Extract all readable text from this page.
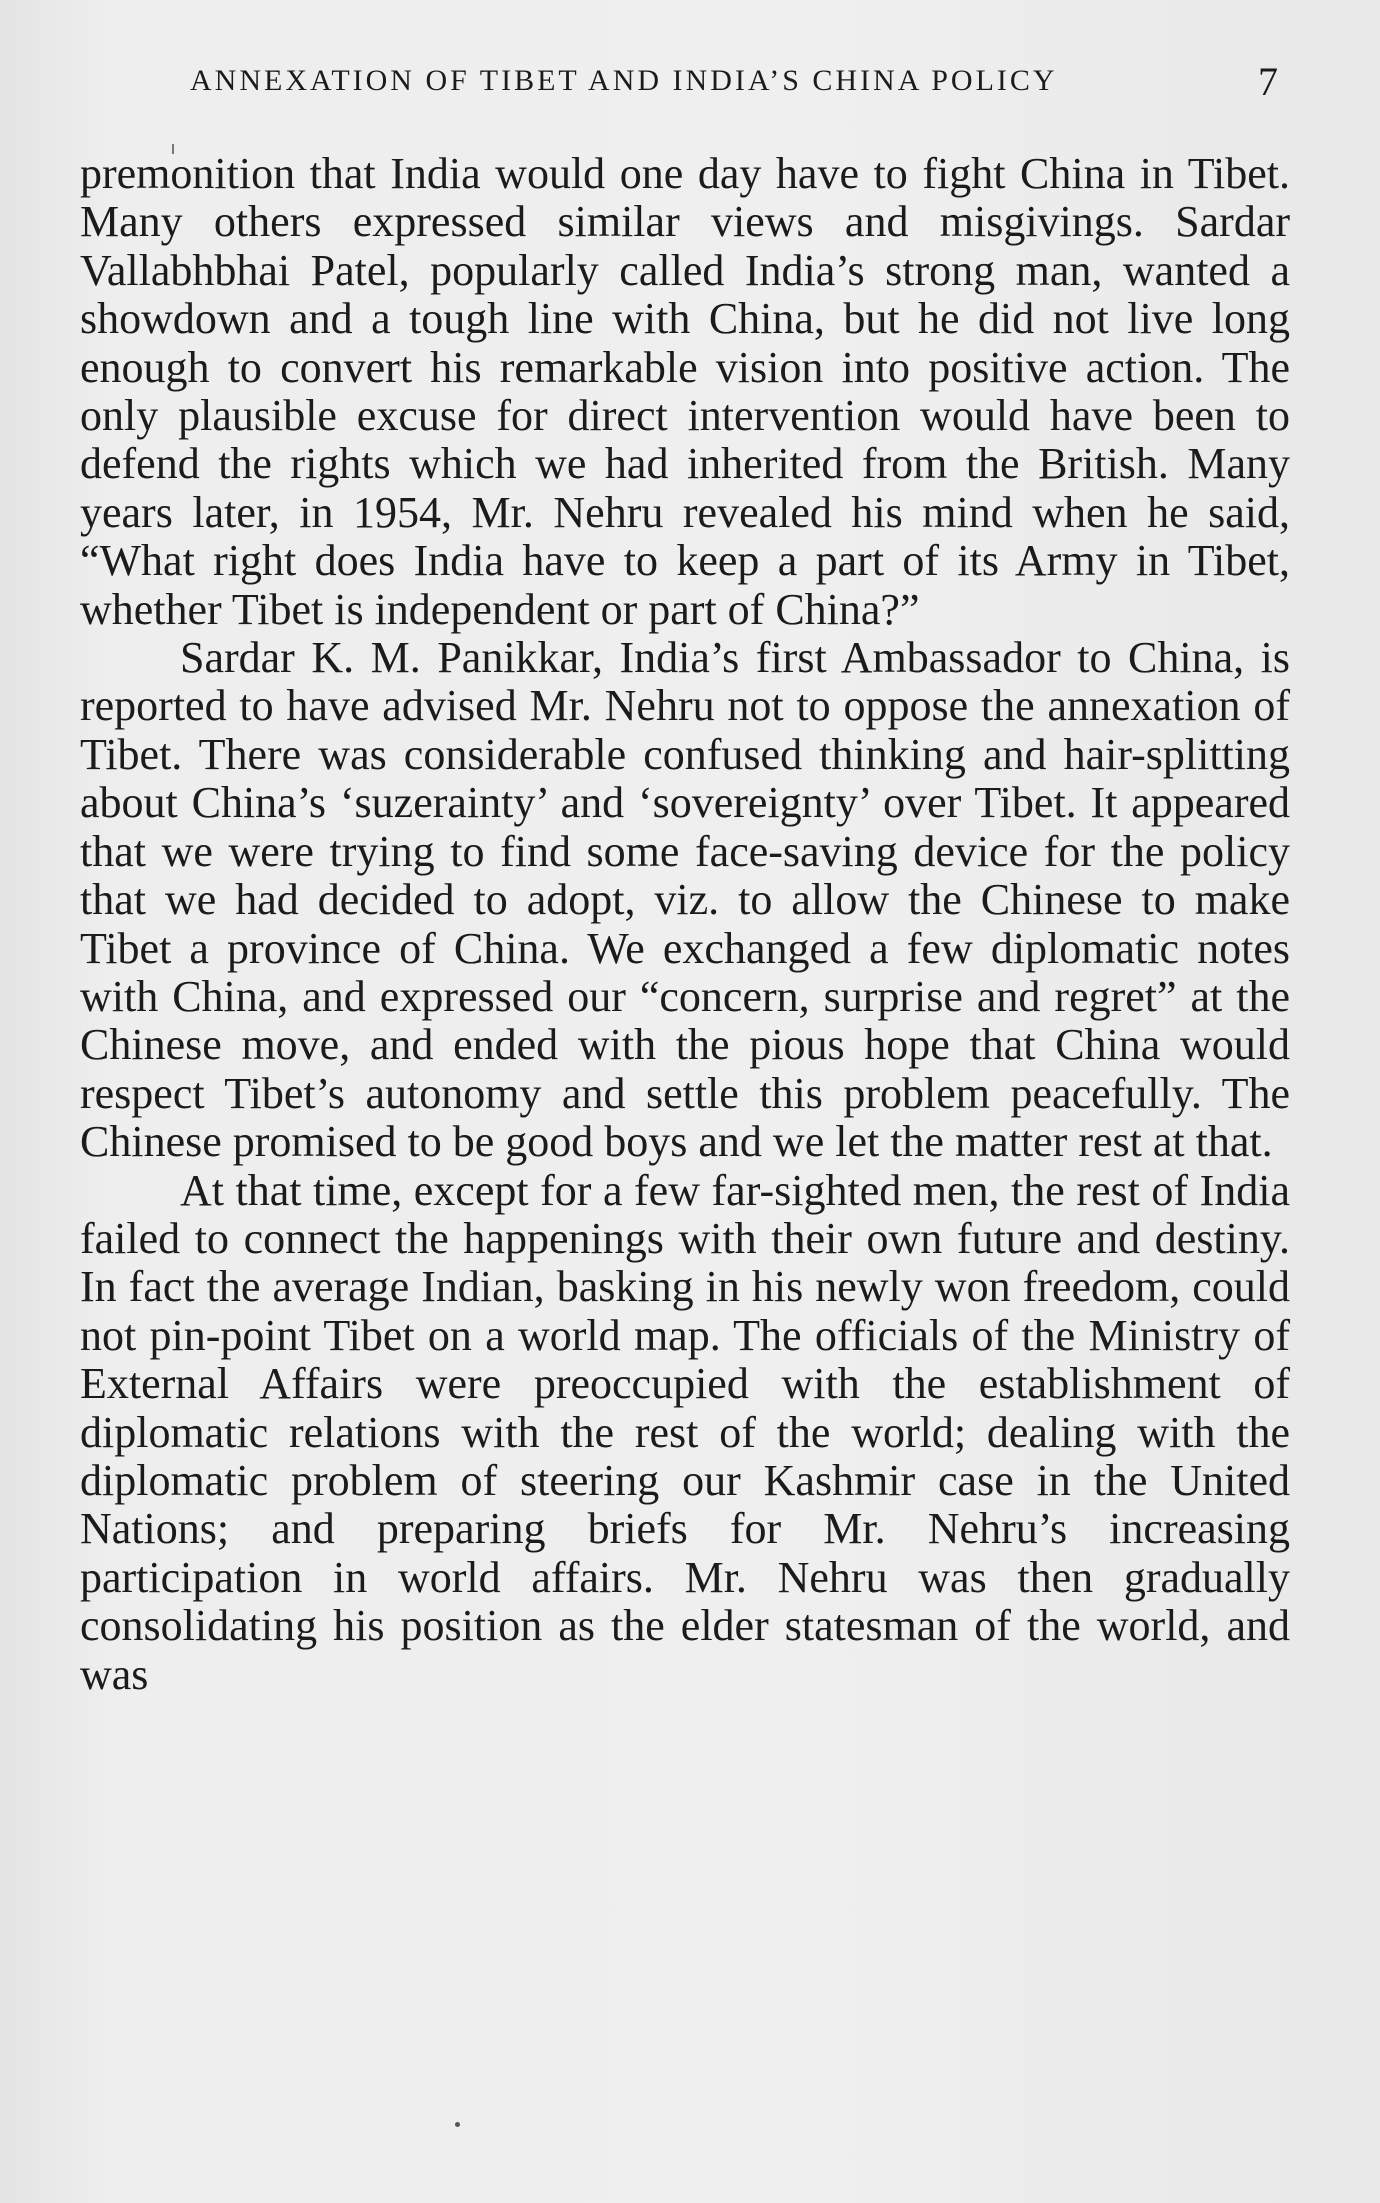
ANNEXATION OF TIBET AND INDIA’S CHINA POLICY	7

premonition that India would one day have to fight China in Tibet. Many others expressed similar views and misgivings. Sardar Vallabhbhai Patel, popularly called India’s strong man, wanted a showdown and a tough line with China, but he did not live long enough to convert his remarkable vision into positive action. The only plausible excuse for direct intervention would have been to defend the rights which we had inherited from the British. Many years later, in 1954, Mr. Nehru revealed his mind when he said, “What right does India have to keep a part of its Army in Tibet, whether Tibet is independent or part of China?”

Sardar K. M. Panikkar, India’s first Ambassador to China, is reported to have advised Mr. Nehru not to oppose the annexation of Tibet. There was considerable confused thinking and hair-splitting about China’s ‘suzerainty’ and ‘sovereignty’ over Tibet. It appeared that we were trying to find some face-saving device for the policy that we had decided to adopt, viz. to allow the Chinese to make Tibet a province of China. We exchanged a few diplomatic notes with China, and expressed our “concern, surprise and regret” at the Chinese move, and ended with the pious hope that China would respect Tibet’s autonomy and settle this problem peacefully. The Chinese promised to be good boys and we let the matter rest at that.

At that time, except for a few far-sighted men, the rest of India failed to connect the happenings with their own future and destiny. In fact the average Indian, basking in his newly won freedom, could not pin-point Tibet on a world map. The officials of the Ministry of External Affairs were preoccupied with the establishment of diplomatic relations with the rest of the world; dealing with the diplomatic problem of steering our Kashmir case in the United Nations; and preparing briefs for Mr. Nehru’s increasing participation in world affairs. Mr. Nehru was then gradually consolidating his position as the elder statesman of the world, and was
